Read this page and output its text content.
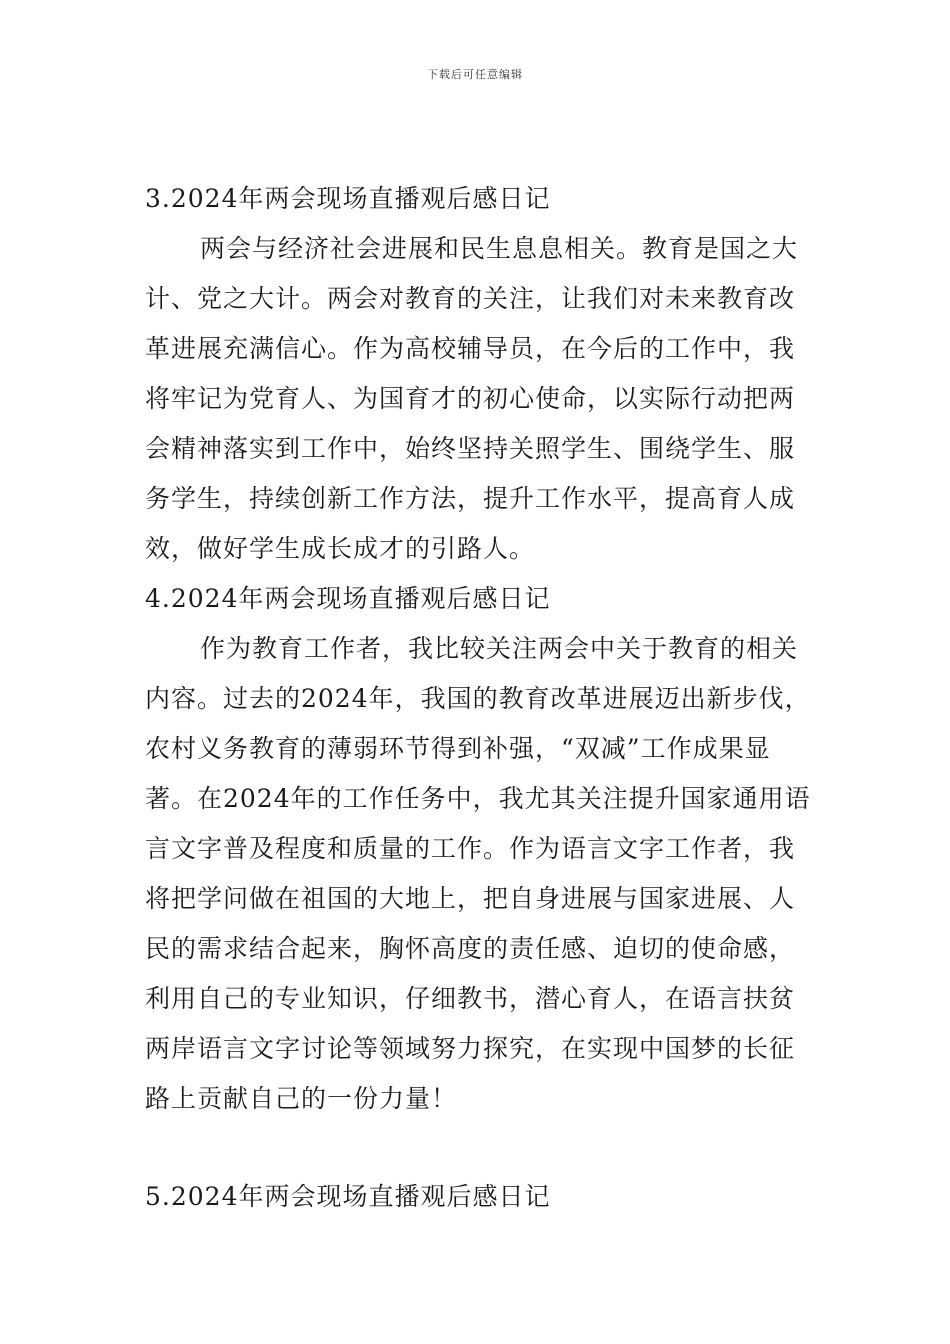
下载后可任意编辑
3.2024年两会现场直播观后感日记
两会与经济社会进展和民生息息相关。教育是国之大
计、党之大计。两会对教育的关注，让我们对未来教育改
革进展充满信心。作为高校辅导员，在今后的工作中，我
将牢记为党育人、为国育才的初心使命，以实际行动把两
会精神落实到工作中，始终坚持关照学生、围绕学生、服
务学生，持续创新工作方法，提升工作水平，提高育人成
效，做好学生成长成才的引路人。
4.2024年两会现场直播观后感日记
作为教育工作者，我比较关注两会中关于教育的相关
内容。过去的2024年，我国的教育改革进展迈出新步伐，
农村义务教育的薄弱环节得到补强，“双减”工作成果显
著。在2024年的工作任务中，我尤其关注提升国家通用语
言文字普及程度和质量的工作。作为语言文字工作者，我
将把学问做在祖国的大地上，把自身进展与国家进展、人
民的需求结合起来，胸怀高度的责任感、迫切的使命感，
利用自己的专业知识，仔细教书，潜心育人，在语言扶贫
两岸语言文字讨论等领域努力探究，在实现中国梦的长征
路上贡献自己的一份力量！
5.2024年两会现场直播观后感日记
